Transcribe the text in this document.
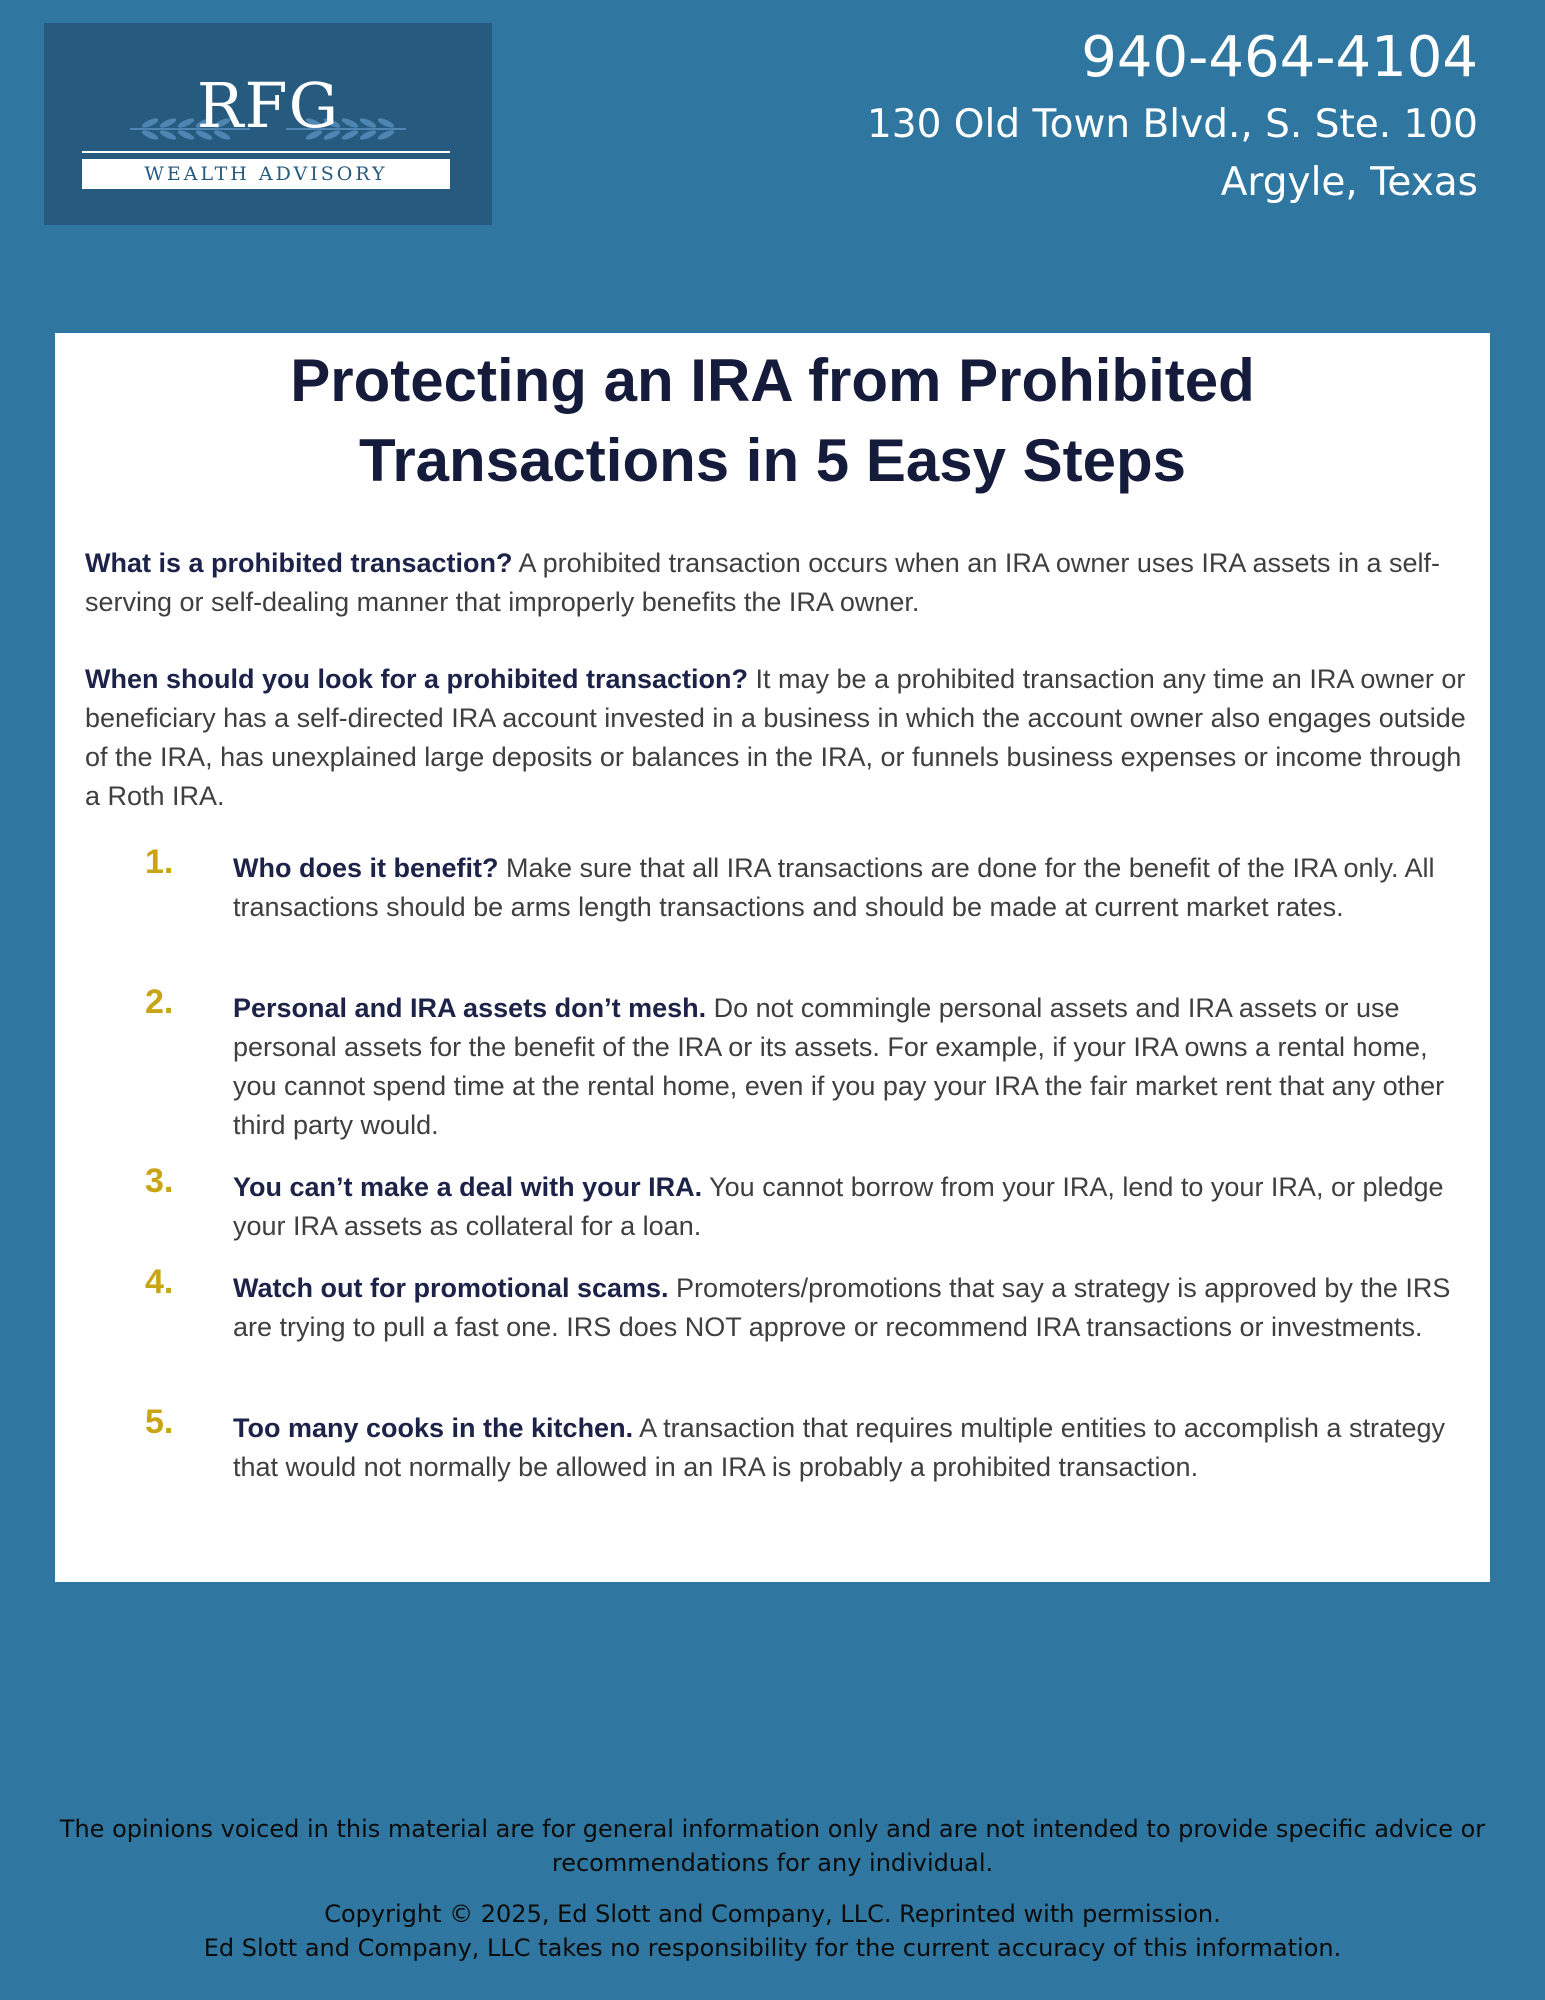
RFG
WEALTH ADVISORY
940-464-4104
130 Old Town Blvd., S. Ste. 100
Argyle, Texas
Protecting an IRA from Prohibited
Transactions in 5 Easy Steps
What is a prohibited transaction? A prohibited transaction occurs when an IRA owner uses IRA assets in a self-serving or self-dealing manner that improperly benefits the IRA owner.
When should you look for a prohibited transaction? It may be a prohibited transaction any time an IRA owner or beneficiary has a self-directed IRA account invested in a business in which the account owner also engages outside of the IRA, has unexplained large deposits or balances in the IRA, or funnels business expenses or income through a Roth IRA.
1. Who does it benefit? Make sure that all IRA transactions are done for the benefit of the IRA only. All transactions should be arms length transactions and should be made at current market rates.
2. Personal and IRA assets don’t mesh. Do not commingle personal assets and IRA assets or use personal assets for the benefit of the IRA or its assets. For example, if your IRA owns a rental home, you cannot spend time at the rental home, even if you pay your IRA the fair market rent that any other third party would.
3. You can’t make a deal with your IRA. You cannot borrow from your IRA, lend to your IRA, or pledge your IRA assets as collateral for a loan.
4. Watch out for promotional scams. Promoters/promotions that say a strategy is approved by the IRS are trying to pull a fast one. IRS does NOT approve or recommend IRA transactions or investments.
5. Too many cooks in the kitchen. A transaction that requires multiple entities to accomplish a strategy that would not normally be allowed in an IRA is probably a prohibited transaction.
The opinions voiced in this material are for general information only and are not intended to provide specific advice or
recommendations for any individual.
Copyright © 2025, Ed Slott and Company, LLC. Reprinted with permission.
Ed Slott and Company, LLC takes no responsibility for the current accuracy of this information.
